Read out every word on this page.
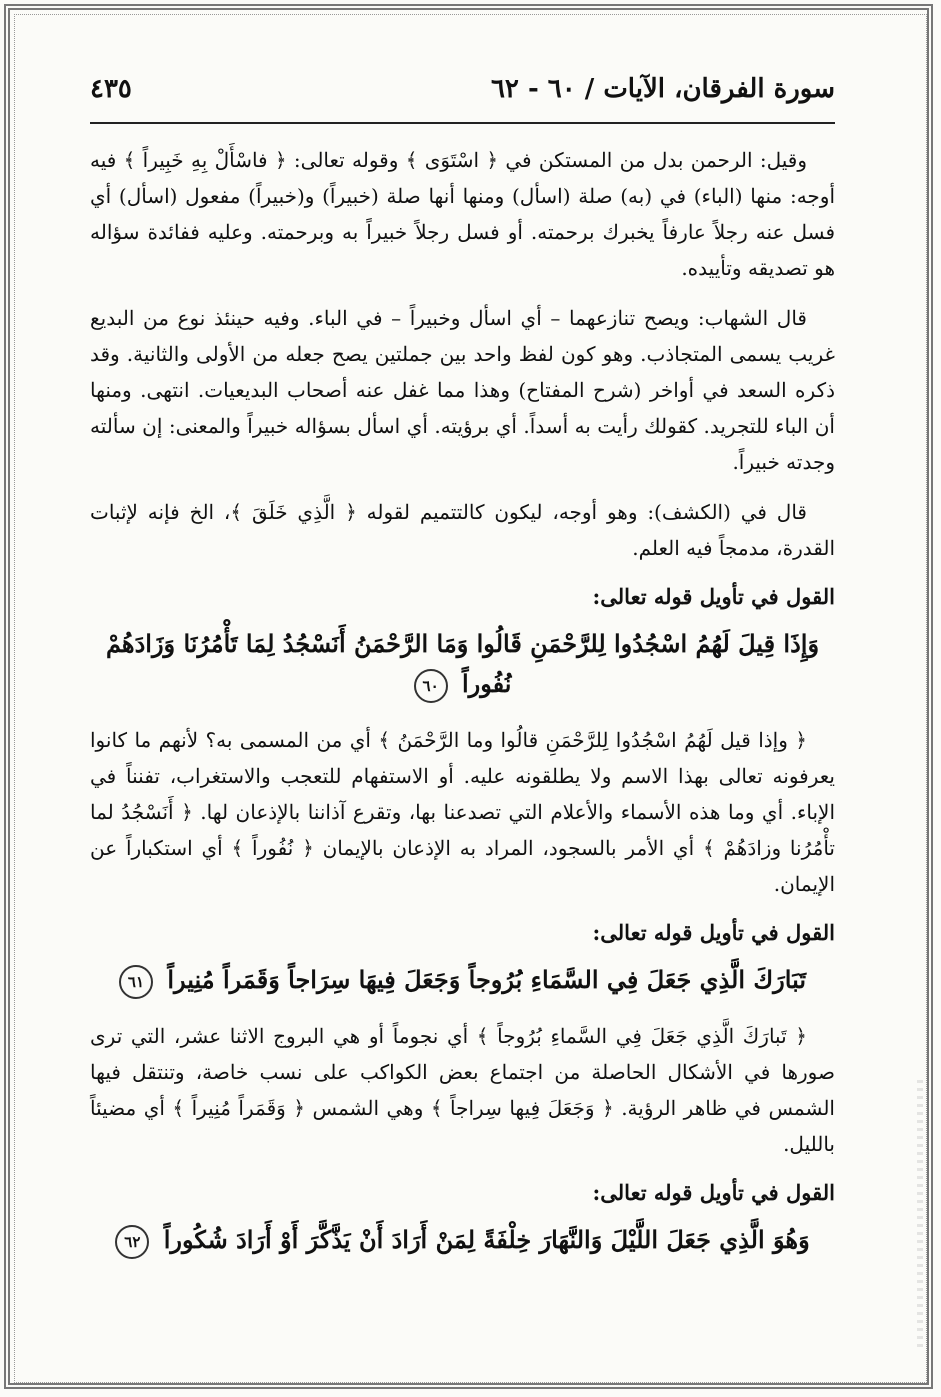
سورة الفرقان، الآيات / ٦٠ - ٦٢
٤٣٥

وقيل: الرحمن بدل من المستكن في ﴿ اسْتَوَى ﴾ وقوله تعالى: ﴿ فاسْأَلْ بِهِ خَبِيراً ﴾ فيه أوجه: منها (الباء) في (به) صلة (اسأل) ومنها أنها صلة (خبيراً) و(خبيراً) مفعول (اسأل) أي فسل عنه رجلاً عارفاً يخبرك برحمته. أو فسل رجلاً خبيراً به وبرحمته. وعليه ففائدة سؤاله هو تصديقه وتأييده.

قال الشهاب: ويصح تنازعهما – أي اسأل وخبيراً – في الباء. وفيه حينئذ نوع من البديع غريب يسمى المتجاذب. وهو كون لفظ واحد بين جملتين يصح جعله من الأولى والثانية. وقد ذكره السعد في أواخر (شرح المفتاح) وهذا مما غفل عنه أصحاب البديعيات. انتهى. ومنها أن الباء للتجريد. كقولك رأيت به أسداً. أي برؤيته. أي اسأل بسؤاله خبيراً والمعنى: إن سألته وجدته خبيراً.

قال في (الكشف): وهو أوجه، ليكون كالتتميم لقوله ﴿ الَّذِي خَلَقَ ﴾، الخ فإنه لإثبات القدرة، مدمجاً فيه العلم.

القول في تأويل قوله تعالى:
وَإِذَا قِيلَ لَهُمُ اسْجُدُوا لِلرَّحْمَنِ قَالُوا وَمَا الرَّحْمَنُ أَنَسْجُدُ لِمَا تَأْمُرُنَا وَزَادَهُمْ نُفُوراً ٦٠

﴿ وإذا قيل لَهُمُ اسْجُدُوا لِلرَّحْمَنِ قالُوا وما الرَّحْمَنُ ﴾ أي من المسمى به؟ لأنهم ما كانوا يعرفونه تعالى بهذا الاسم ولا يطلقونه عليه. أو الاستفهام للتعجب والاستغراب، تفنناً في الإباء. أي وما هذه الأسماء والأعلام التي تصدعنا بها، وتقرع آذاننا بالإذعان لها. ﴿ أَنَسْجُدُ لما تأْمُرُنا وزادَهُمْ ﴾ أي الأمر بالسجود، المراد به الإذعان بالإيمان ﴿ نُفُوراً ﴾ أي استكباراً عن الإيمان.

القول في تأويل قوله تعالى:
تَبَارَكَ الَّذِي جَعَلَ فِي السَّمَاءِ بُرُوجاً وَجَعَلَ فِيهَا سِرَاجاً وَقَمَراً مُنِيراً ٦١

﴿ تَبارَكَ الَّذِي جَعَلَ فِي السَّماءِ بُرُوجاً ﴾ أي نجوماً أو هي البروج الاثنا عشر، التي ترى صورها في الأشكال الحاصلة من اجتماع بعض الكواكب على نسب خاصة، وتنتقل فيها الشمس في ظاهر الرؤية. ﴿ وَجَعَلَ فِيها سِراجاً ﴾ وهي الشمس ﴿ وَقَمَراً مُنِيراً ﴾ أي مضيئاً بالليل.

القول في تأويل قوله تعالى:
وَهُوَ الَّذِي جَعَلَ اللَّيْلَ وَالنَّهَارَ خِلْفَةً لِمَنْ أَرَادَ أَنْ يَذَّكَّرَ أَوْ أَرَادَ شُكُوراً ٦٢
